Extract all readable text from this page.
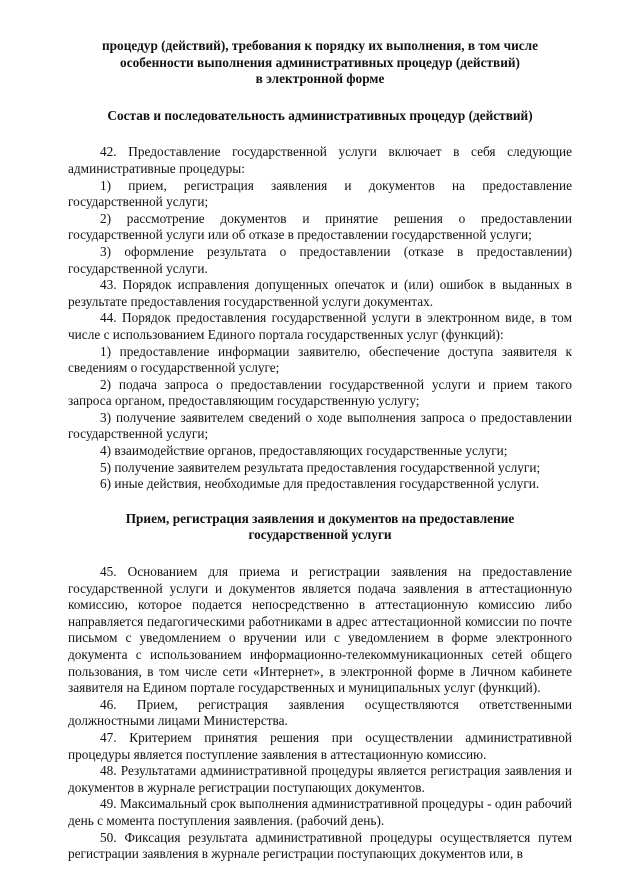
процедур (действий), требования к порядку их выполнения, в том числе
особенности выполнения административных процедур (действий)
в электронной форме
Состав и последовательность административных процедур (действий)

42. Предоставление государственной услуги включает в себя следующие административные процедуры:

1) прием, регистрация заявления и документов на предоставление государственной услуги;

2) рассмотрение документов и принятие решения о предоставлении государственной услуги или об отказе в предоставлении государственной услуги;

3) оформление результата о предоставлении (отказе в предоставлении) государственной услуги.

43. Порядок исправления допущенных опечаток и (или) ошибок в выданных в результате предоставления государственной услуги документах.

44. Порядок предоставления государственной услуги в электронном виде, в том числе с использованием Единого портала государственных услуг (функций):

1) предоставление информации заявителю, обеспечение доступа заявителя к сведениям о государственной услуге;

2) подача запроса о предоставлении государственной услуги и прием такого запроса органом, предоставляющим государственную услугу;

3) получение заявителем сведений о ходе выполнения запроса о предоставлении государственной услуги;

4) взаимодействие органов, предоставляющих государственные услуги;

5) получение заявителем результата предоставления государственной услуги;

6) иные действия, необходимые для предоставления государственной услуги.

Прием, регистрация заявления и документов на предоставление
государственной услуги

45. Основанием для приема и регистрации заявления на предоставление государственной услуги и документов является подача заявления в аттестационную комиссию, которое подается непосредственно в аттестационную комиссию либо направляется педагогическими работниками в адрес аттестационной комиссии по почте письмом с уведомлением о вручении или с уведомлением в форме электронного документа с использованием информационно-телекоммуникационных сетей общего пользования, в том числе сети «Интернет», в электронной форме в Личном кабинете заявителя на Едином портале государственных и муниципальных услуг (функций).

46. Прием, регистрация заявления осуществляются ответственными должностными лицами Министерства.

47. Критерием принятия решения при осуществлении административной процедуры является поступление заявления в аттестационную комиссию.

48. Результатами административной процедуры является регистрация заявления и документов в журнале регистрации поступающих документов.

49. Максимальный срок выполнения административной процедуры - один рабочий день с момента поступления заявления. (рабочий день).

50. Фиксация результата административной процедуры осуществляется путем регистрации заявления в журнале регистрации поступающих документов или, в
